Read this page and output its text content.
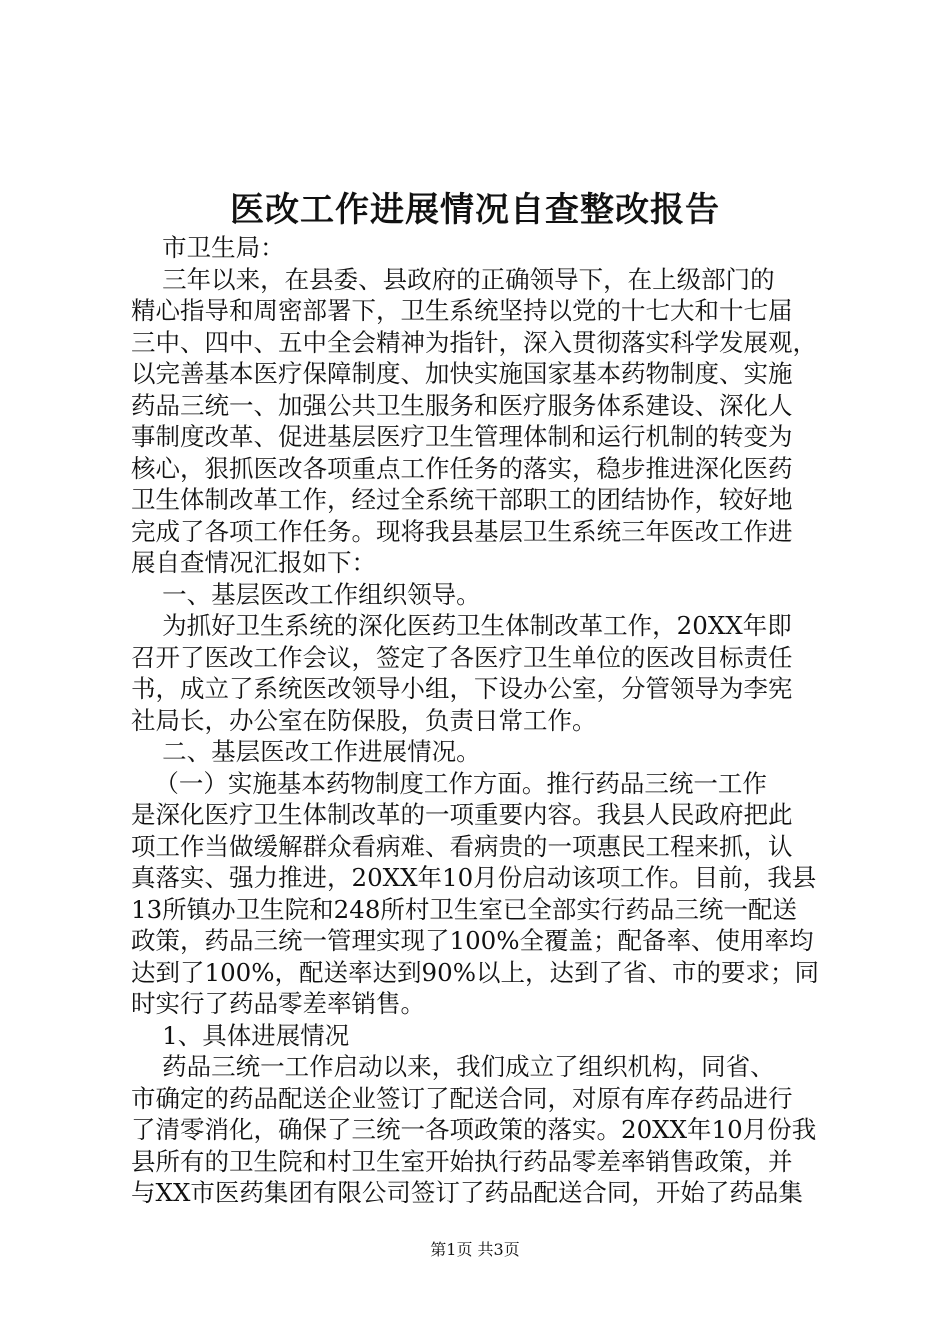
医改工作进展情况自查整改报告
市卫生局：
三年以来，在县委、县政府的正确领导下，在上级部门的
精心指导和周密部署下，卫生系统坚持以党的十七大和十七届
三中、四中、五中全会精神为指针，深入贯彻落实科学发展观，
以完善基本医疗保障制度、加快实施国家基本药物制度、实施
药品三统一、加强公共卫生服务和医疗服务体系建设、深化人
事制度改革、促进基层医疗卫生管理体制和运行机制的转变为
核心，狠抓医改各项重点工作任务的落实，稳步推进深化医药
卫生体制改革工作，经过全系统干部职工的团结协作，较好地
完成了各项工作任务。现将我县基层卫生系统三年医改工作进
展自查情况汇报如下：
一、基层医改工作组织领导。
为抓好卫生系统的深化医药卫生体制改革工作，20XX年即
召开了医改工作会议，签定了各医疗卫生单位的医改目标责任
书，成立了系统医改领导小组，下设办公室，分管领导为李宪
社局长，办公室在防保股，负责日常工作。
二、基层医改工作进展情况。
（一）实施基本药物制度工作方面。推行药品三统一工作
是深化医疗卫生体制改革的一项重要内容。我县人民政府把此
项工作当做缓解群众看病难、看病贵的一项惠民工程来抓，认
真落实、强力推进，20XX年10月份启动该项工作。目前，我县
13所镇办卫生院和248所村卫生室已全部实行药品三统一配送
政策，药品三统一管理实现了100%全覆盖；配备率、使用率均
达到了100%，配送率达到90%以上，达到了省、市的要求；同
时实行了药品零差率销售。
1、具体进展情况
药品三统一工作启动以来，我们成立了组织机构，同省、
市确定的药品配送企业签订了配送合同，对原有库存药品进行
了清零消化，确保了三统一各项政策的落实。20XX年10月份我
县所有的卫生院和村卫生室开始执行药品零差率销售政策，并
与XX市医药集团有限公司签订了药品配送合同，开始了药品集
第1页 共3页
